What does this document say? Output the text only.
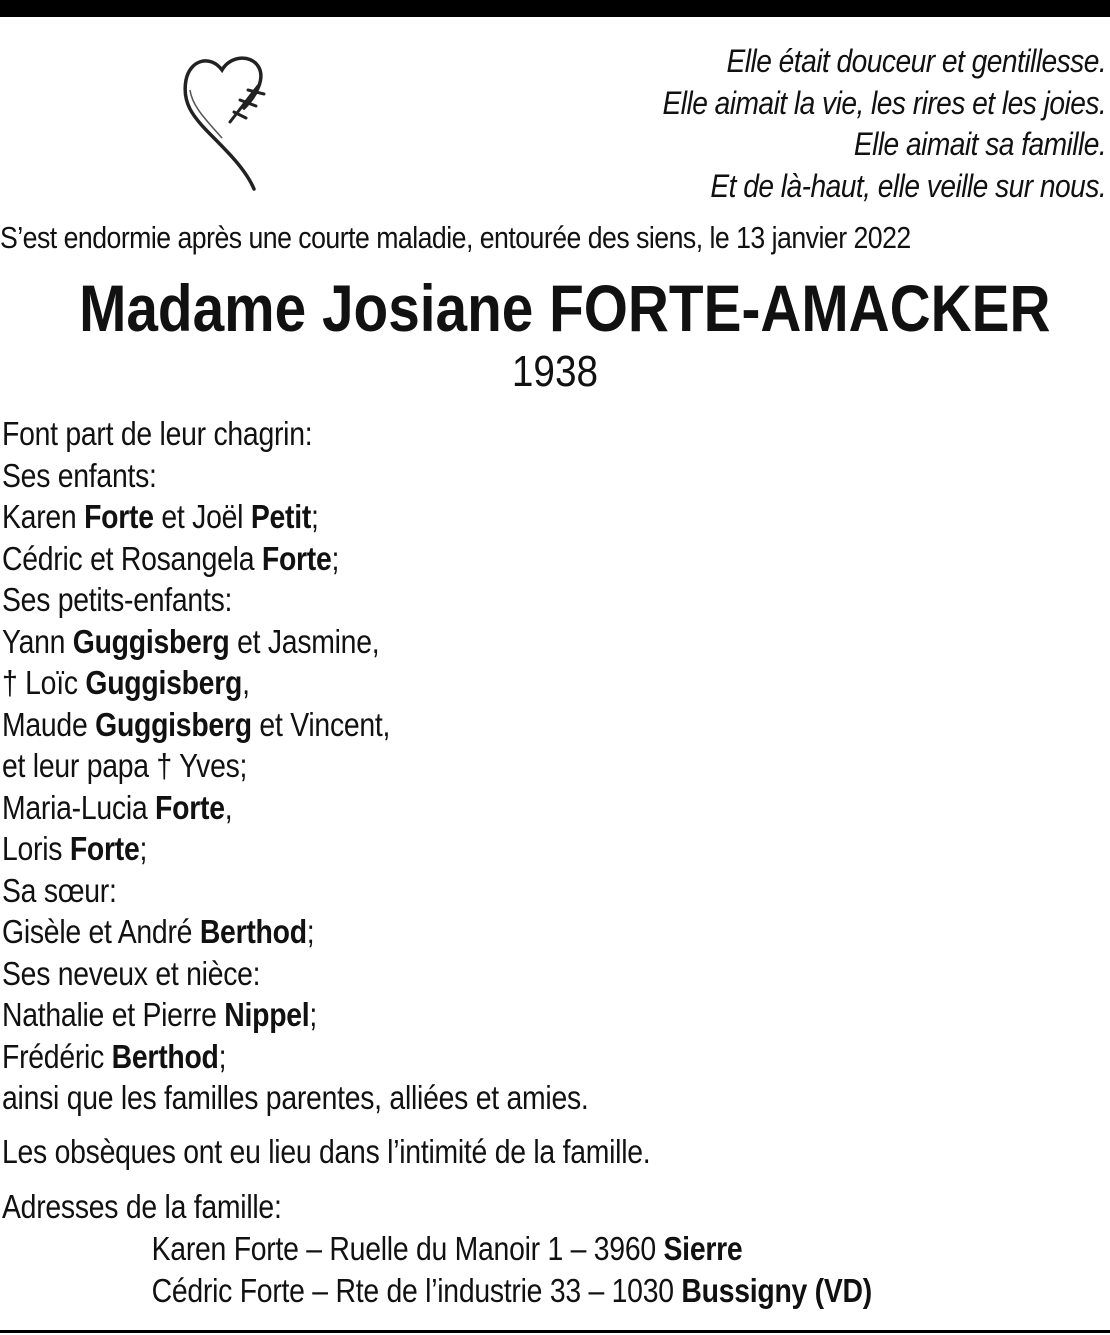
Elle était douceur et gentillesse.
Elle aimait la vie, les rires et les joies.
Elle aimait sa famille.
Et de là-haut, elle veille sur nous.
S’est endormie après une courte maladie, entourée des siens, le 13 janvier 2022
Madame Josiane FORTE-AMACKER
1938
Font part de leur chagrin:
Ses enfants:
Karen Forte et Joël Petit;
Cédric et Rosangela Forte;
Ses petits-enfants:
Yann Guggisberg et Jasmine,
† Loïc Guggisberg,
Maude Guggisberg et Vincent,
et leur papa † Yves;
Maria-Lucia Forte,
Loris Forte;
Sa sœur:
Gisèle et André Berthod;
Ses neveux et nièce:
Nathalie et Pierre Nippel;
Frédéric Berthod;
ainsi que les familles parentes, alliées et amies.
Les obsèques ont eu lieu dans l’intimité de la famille.
Adresses de la famille:
Karen Forte – Ruelle du Manoir 1 – 3960 Sierre
Cédric Forte – Rte de l’industrie 33 – 1030 Bussigny (VD)
